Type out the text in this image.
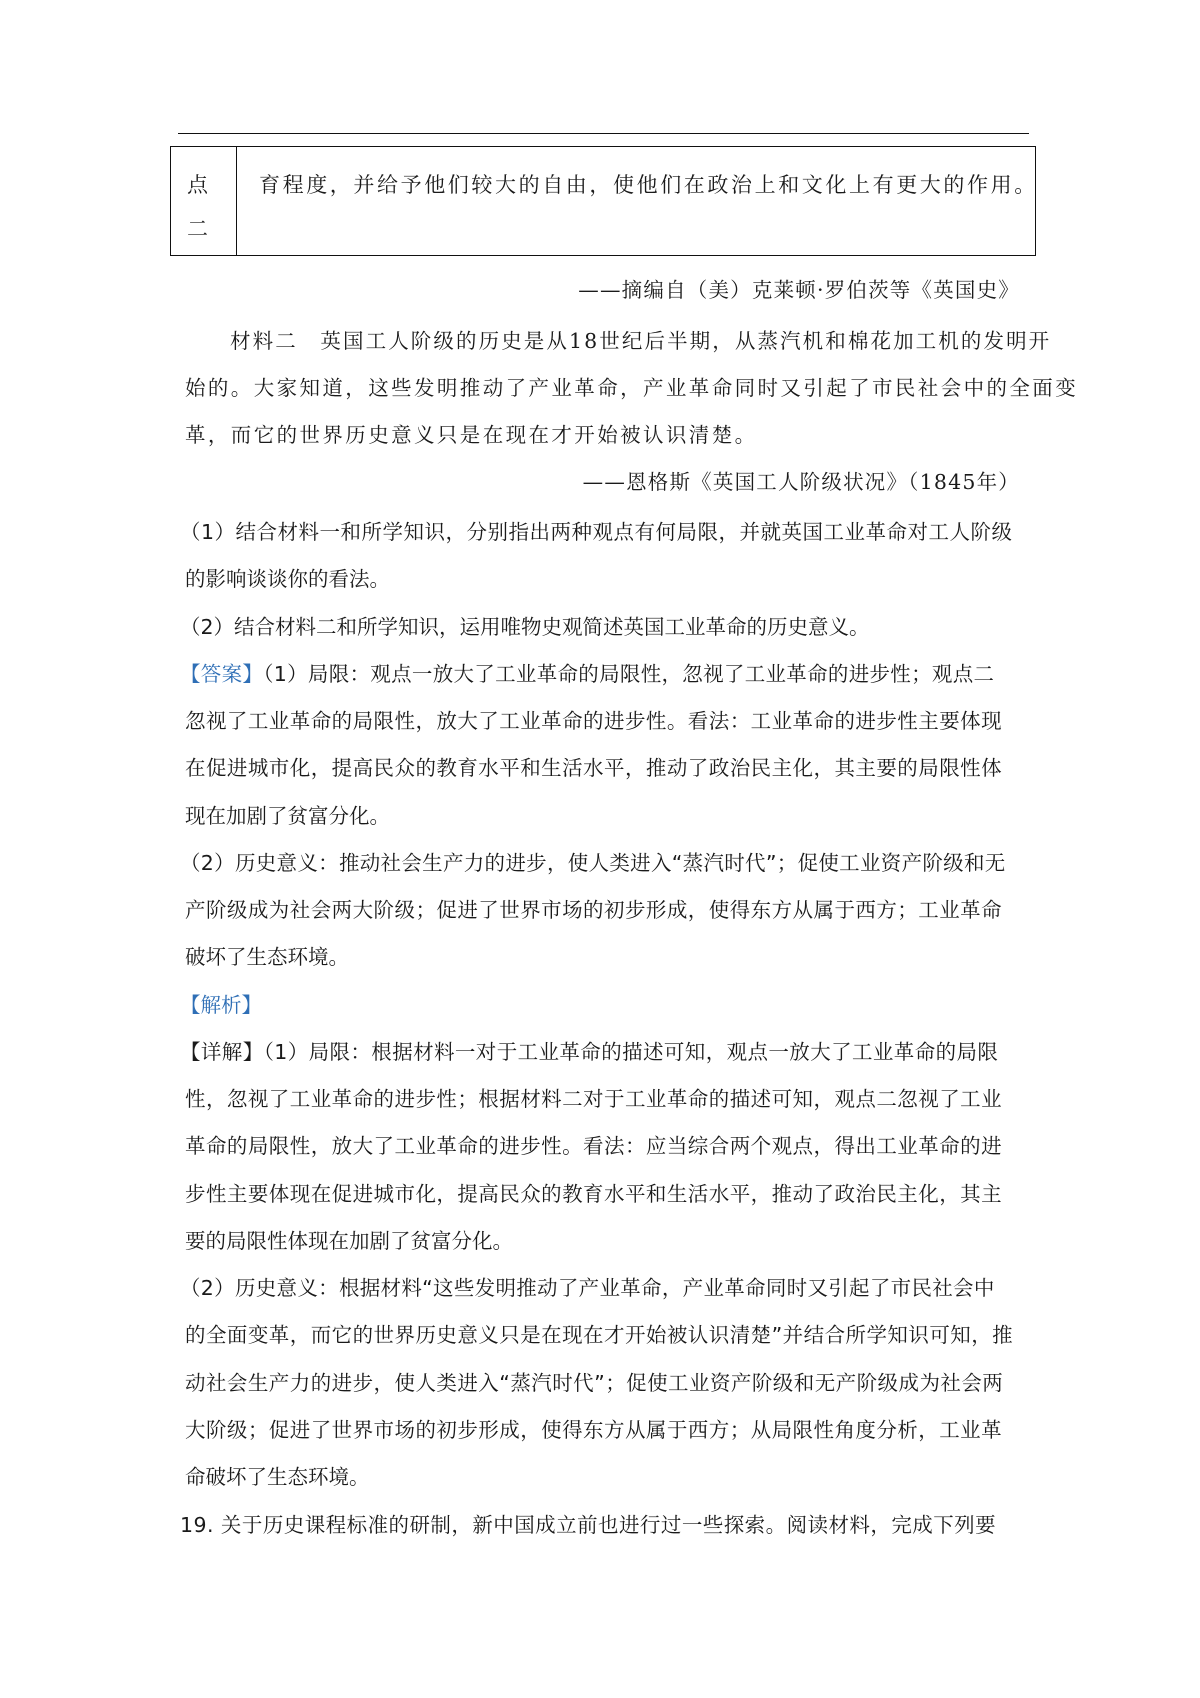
点
二
育程度，并给予他们较大的自由，使他们在政治上和文化上有更大的作用。
——摘编自（美）克莱顿·罗伯茨等《英国史》
材料二　英国工人阶级的历史是从18世纪后半期，从蒸汽机和棉花加工机的发明开
始的。大家知道，这些发明推动了产业革命，产业革命同时又引起了市民社会中的全面变
革，而它的世界历史意义只是在现在才开始被认识清楚。
——恩格斯《英国工人阶级状况》（1845年）
（1）结合材料一和所学知识，分别指出两种观点有何局限，并就英国工业革命对工人阶级
的影响谈谈你的看法。
（2）结合材料二和所学知识，运用唯物史观简述英国工业革命的历史意义。
【答案】（1）局限：观点一放大了工业革命的局限性，忽视了工业革命的进步性；观点二
忽视了工业革命的局限性，放大了工业革命的进步性。看法：工业革命的进步性主要体现
在促进城市化，提高民众的教育水平和生活水平，推动了政治民主化，其主要的局限性体
现在加剧了贫富分化。
（2）历史意义：推动社会生产力的进步，使人类进入“蒸汽时代”；促使工业资产阶级和无
产阶级成为社会两大阶级；促进了世界市场的初步形成，使得东方从属于西方；工业革命
破坏了生态环境。
【解析】
【详解】（1）局限：根据材料一对于工业革命的描述可知，观点一放大了工业革命的局限
性，忽视了工业革命的进步性；根据材料二对于工业革命的描述可知，观点二忽视了工业
革命的局限性，放大了工业革命的进步性。看法：应当综合两个观点，得出工业革命的进
步性主要体现在促进城市化，提高民众的教育水平和生活水平，推动了政治民主化，其主
要的局限性体现在加剧了贫富分化。
（2）历史意义：根据材料“这些发明推动了产业革命，产业革命同时又引起了市民社会中
的全面变革，而它的世界历史意义只是在现在才开始被认识清楚”并结合所学知识可知，推
动社会生产力的进步，使人类进入“蒸汽时代”；促使工业资产阶级和无产阶级成为社会两
大阶级；促进了世界市场的初步形成，使得东方从属于西方；从局限性角度分析，工业革
命破坏了生态环境。
19. 关于历史课程标准的研制，新中国成立前也进行过一些探索。阅读材料，完成下列要
